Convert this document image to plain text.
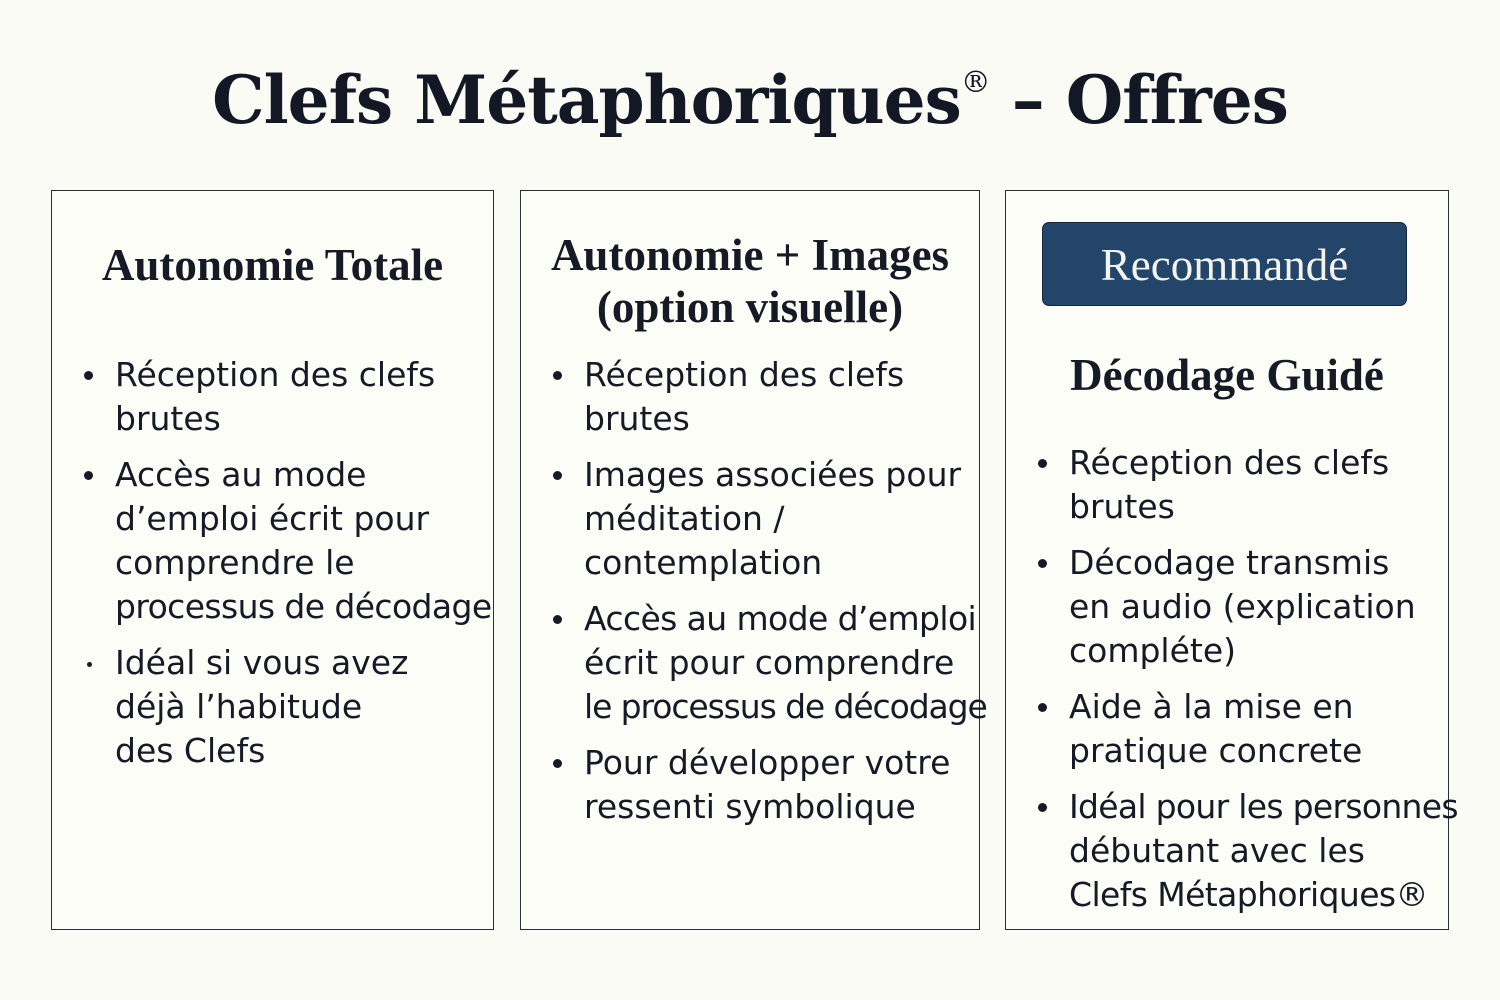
Clefs Métaphoriques® – Offres
Autonomie Totale
Réception des clefs
brutes
Accès au mode
d’emploi écrit pour
comprendre le
processus de décodage
Idéal si vous avez
déjà l’habitude
des Clefs
Autonomie + Images
(option visuelle)
Réception des clefs
brutes
Images associées pour
méditation /
contemplation
Accès au mode d’emploi
écrit pour comprendre
le processus de décodage
Pour développer votre
ressenti symbolique
Recommandé
Décodage Guidé
Réception des clefs
brutes
Décodage transmis
en audio (explication
compléte)
Aide à la mise en
pratique concrete
Idéal pour les personnes
débutant avec les
Clefs Métaphoriques®
